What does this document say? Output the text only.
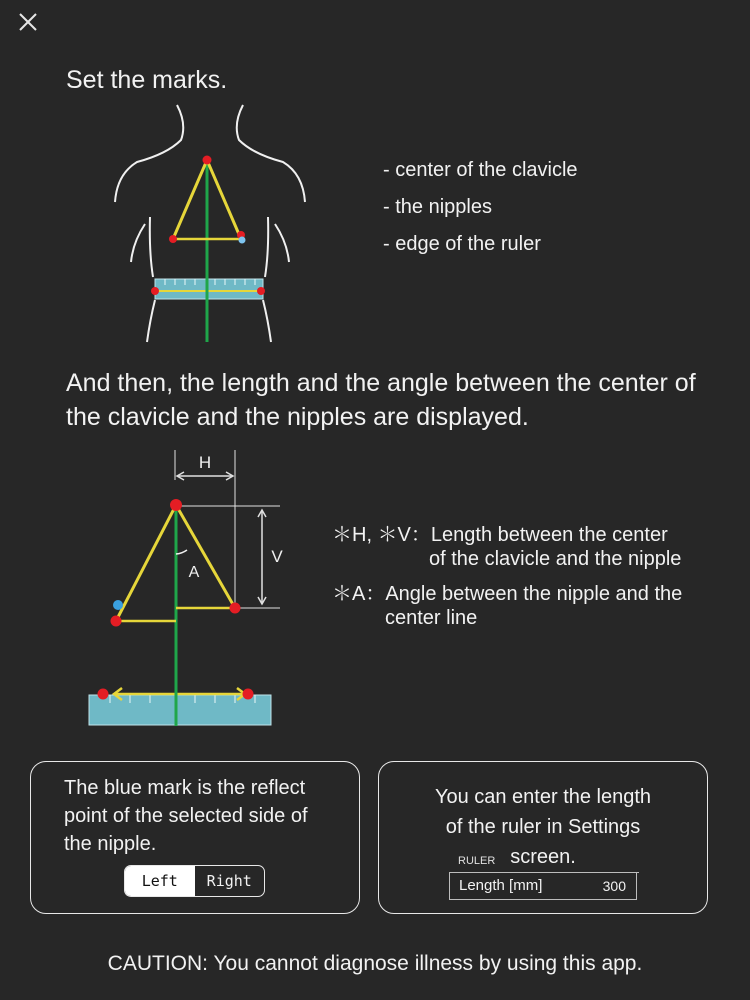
Set the marks.
- center of the clavicle
- the nipples
- edge of the ruler
And then, the length and the angle between the center of the clavicle and the nipples are displayed.
H
V
A
＊H, ＊V：Length between the center
of the clavicle and the nipple
＊A：Angle between the nipple and the
center line
The blue mark is the reflect point of the selected side of the nipple.
Left	Right
You can enter the length of the ruler in Settings screen.
RULER
Length [mm]	300
CAUTION: You cannot diagnose illness by using this app.
